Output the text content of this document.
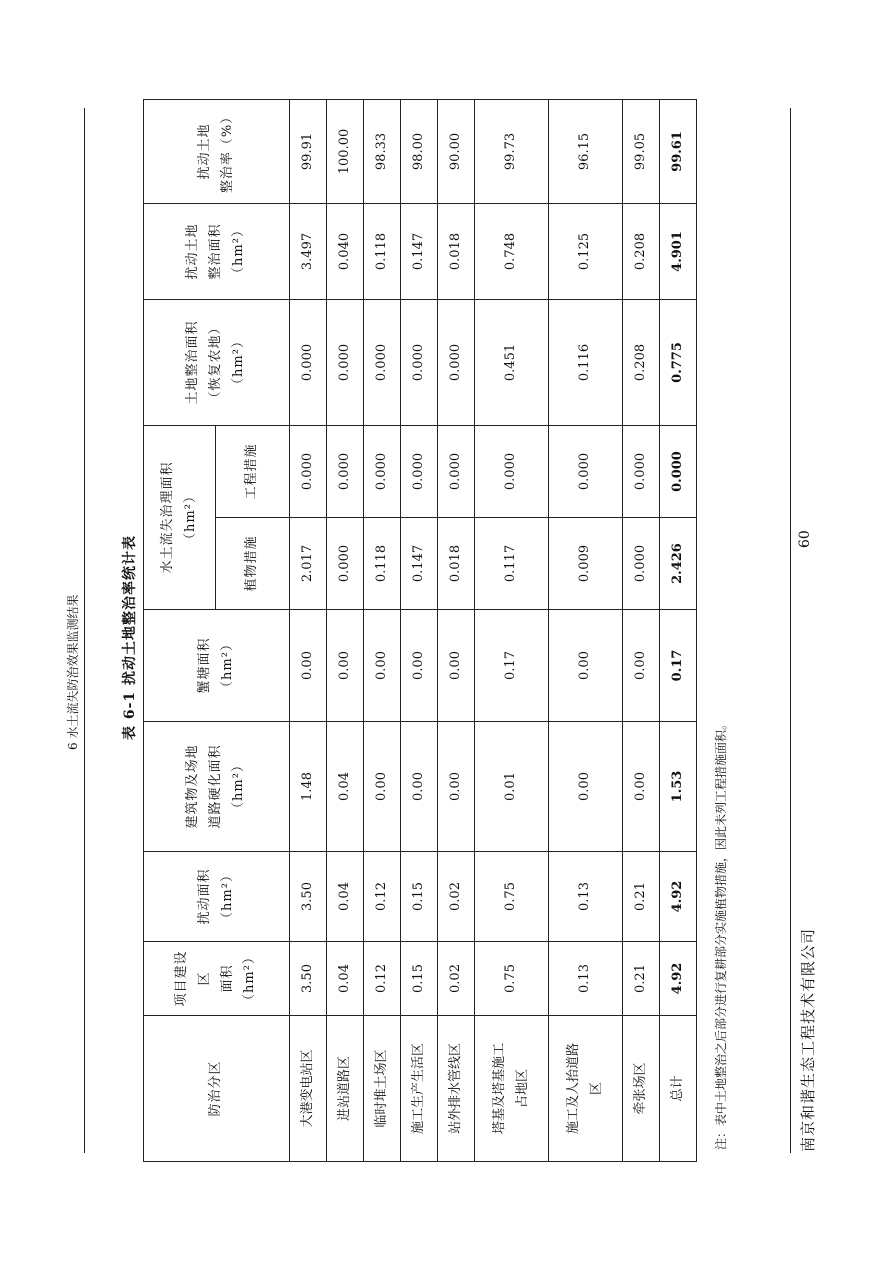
6 水土流失防治效果监测结果	表 6-1 扰动土地整治率统计表
防治分区	项目建设 区 面积 （hm²）	扰动面积 （hm²）	建筑物及场地 道路硬化面积 （hm²）	蟹塘面积 （hm²）	水土流失治理面积 （hm²）		土地整治面积 （恢复农地） （hm²）	扰动土地 整治面积 （hm²）	扰动土地 整治率（%）

					植物措施	工程措施			
大港变电站区	3.50	3.50	1.48	0.00	2.017	0.000	0.000	3.497	99.91
进站道路区	0.04	0.04	0.04	0.00	0.000	0.000	0.000	0.040	100.00
临时堆土场区	0.12	0.12	0.00	0.00	0.118	0.000	0.000	0.118	98.33
施工生产生活区	0.15	0.15	0.00	0.00	0.147	0.000	0.000	0.147	98.00
站外排水管线区	0.02	0.02	0.00	0.00	0.018	0.000	0.000	0.018	90.00

塔基及塔基施工 占地区	0.75	0.75	0.01	0.17	0.117	0.000	0.451	0.748	99.73

施工及人抬道路 区	0.13	0.13	0.00	0.00	0.009	0.000	0.116	0.125	96.15
牵张场区	0.21	0.21	0.00	0.00	0.000	0.000	0.208	0.208	99.05
总计	4.92	4.92	1.53	0.17	2.426	0.000	0.775	4.901	99.61
注：表中土地整治之后部分进行复耕部分实施植物措施，因此未列工程措施面积。
60
南京和谐生态工程技术有限公司
